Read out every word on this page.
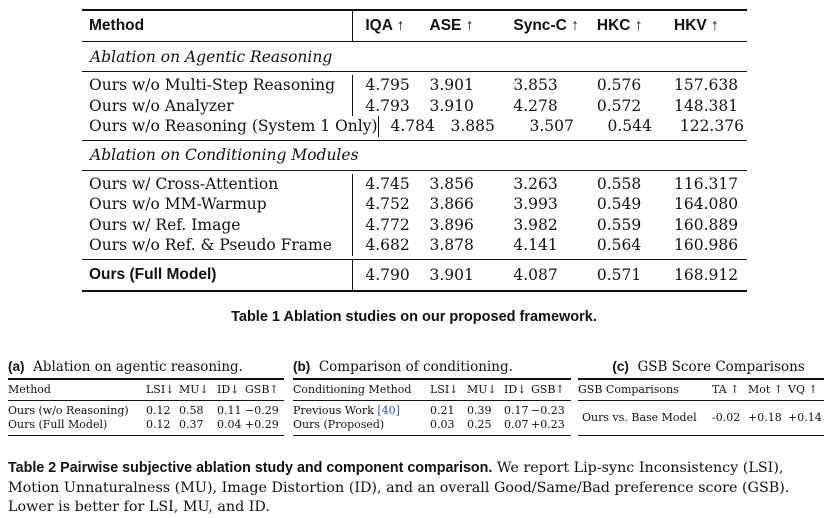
Method	IQA ↑	ASE ↑	Sync-C ↑	HKC ↑	HKV ↑
Ablation on Agentic Reasoning
Ours w/o Multi-Step Reasoning	4.795	3.901	3.853	0.576	157.638
Ours w/o Analyzer	4.793	3.910	4.278	0.572	148.381
Ours w/o Reasoning (System 1 Only) 4.784	3.885	3.507	0.544	122.376
Ablation on Conditioning Modules
Ours w/ Cross-Attention	4.745	3.856	3.263	0.558	116.317
Ours w/o MM-Warmup	4.752	3.866	3.993	0.549	164.080
Ours w/ Ref. Image	4.772	3.896	3.982	0.559	160.889
Ours w/o Ref. & Pseudo Frame	4.682	3.878	4.141	0.564	160.986
Ours (Full Model)	4.790	3.901	4.087	0.571	168.912
Table 1 Ablation studies on our proposed framework.
(a) Ablation on agentic reasoning.
Method	LSI↓ MU↓ ID↓ GSB↑
Ours (w/o Reasoning)	0.12 0.58	0.11 −0.29
Ours (Full Model)	0.12 0.37	0.04 +0.29
(b) Comparison of conditioning.
Conditioning Method	LSI↓ MU↓ ID↓ GSB↑
Previous Work [40]	0.21	0.39	0.17 −0.23
Ours (Proposed)	0.03	0.25	0.07 +0.23
(c) GSB Score Comparisons
GSB Comparisons	TA ↑ Mot ↑ VQ ↑
Ours vs. Base Model	-0.02 +0.18 +0.14
Table 2 Pairwise subjective ablation study and component comparison. We report Lip-sync Inconsistency (LSI), Motion Unnaturalness (MU), Image Distortion (ID), and an overall Good/Same/Bad preference score (GSB). Lower is better for LSI, MU, and ID.
